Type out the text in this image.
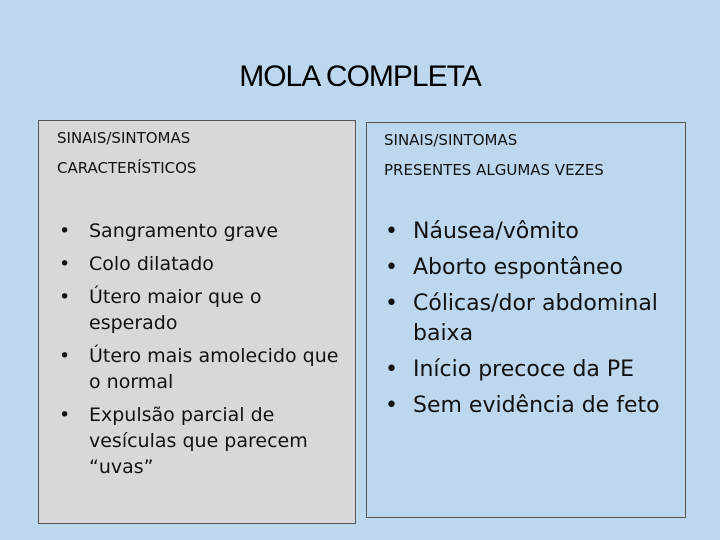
MOLA COMPLETA
SINAIS/SINTOMAS
CARACTERÍSTICOS
• Sangramento grave
• Colo dilatado
• Útero maior que o esperado
• Útero mais amolecido que o normal
• Expulsão parcial de vesículas que parecem “uvas”
SINAIS/SINTOMAS
PRESENTES ALGUMAS VEZES
• Náusea/vômito
• Aborto espontâneo
• Cólicas/dor abdominal baixa
• Início precoce da PE
• Sem evidência de feto
